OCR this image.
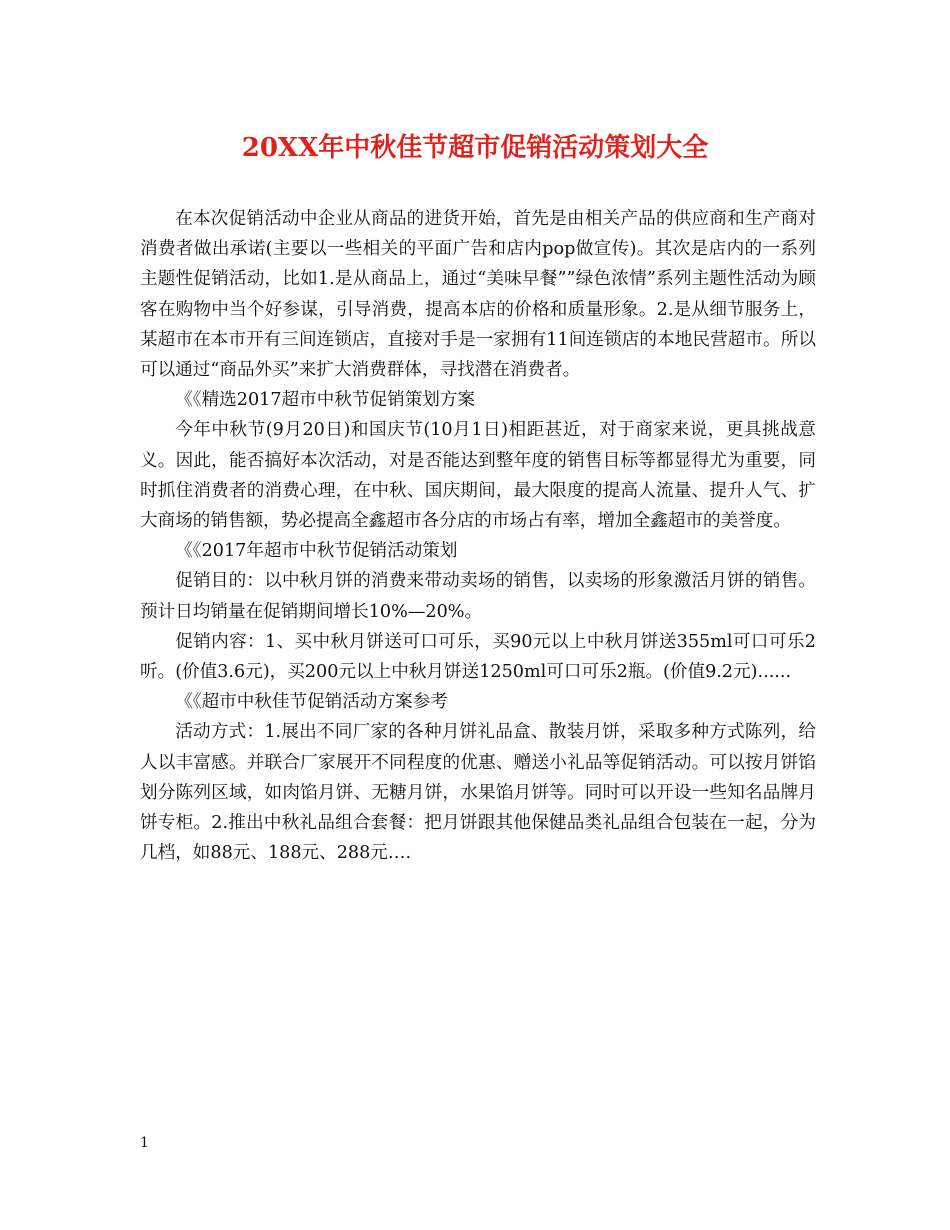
20XX年中秋佳节超市促销活动策划大全

在本次促销活动中企业从商品的进货开始，首先是由相关产品的供应商和生产商对消费者做出承诺(主要以一些相关的平面广告和店内pop做宣传)。其次是店内的一系列主题性促销活动，比如1.是从商品上，通过“美味早餐””绿色浓情”系列主题性活动为顾客在购物中当个好参谋，引导消费，提高本店的价格和质量形象。2.是从细节服务上，某超市在本市开有三间连锁店，直接对手是一家拥有11间连锁店的本地民营超市。所以可以通过“商品外买”来扩大消费群体，寻找潜在消费者。

《《精选2017超市中秋节促销策划方案

今年中秋节(9月20日)和国庆节(10月1日)相距甚近，对于商家来说，更具挑战意义。因此，能否搞好本次活动，对是否能达到整年度的销售目标等都显得尤为重要，同时抓住消费者的消费心理，在中秋、国庆期间，最大限度的提高人流量、提升人气、扩大商场的销售额，势必提高全鑫超市各分店的市场占有率，增加全鑫超市的美誉度。

《《2017年超市中秋节促销活动策划

促销目的：以中秋月饼的消费来带动卖场的销售，以卖场的形象激活月饼的销售。预计日均销量在促销期间增长10%—20%。

促销内容：1、买中秋月饼送可口可乐，买90元以上中秋月饼送355ml可口可乐2听。(价值3.6元)，买200元以上中秋月饼送1250ml可口可乐2瓶。(价值9.2元)......

《《超市中秋佳节促销活动方案参考

活动方式：1.展出不同厂家的各种月饼礼品盒、散装月饼，采取多种方式陈列，给人以丰富感。并联合厂家展开不同程度的优惠、赠送小礼品等促销活动。可以按月饼馅划分陈列区域，如肉馅月饼、无糖月饼，水果馅月饼等。同时可以开设一些知名品牌月饼专柜。2.推出中秋礼品组合套餐：把月饼跟其他保健品类礼品组合包装在一起，分为几档，如88元、188元、288元….

1
